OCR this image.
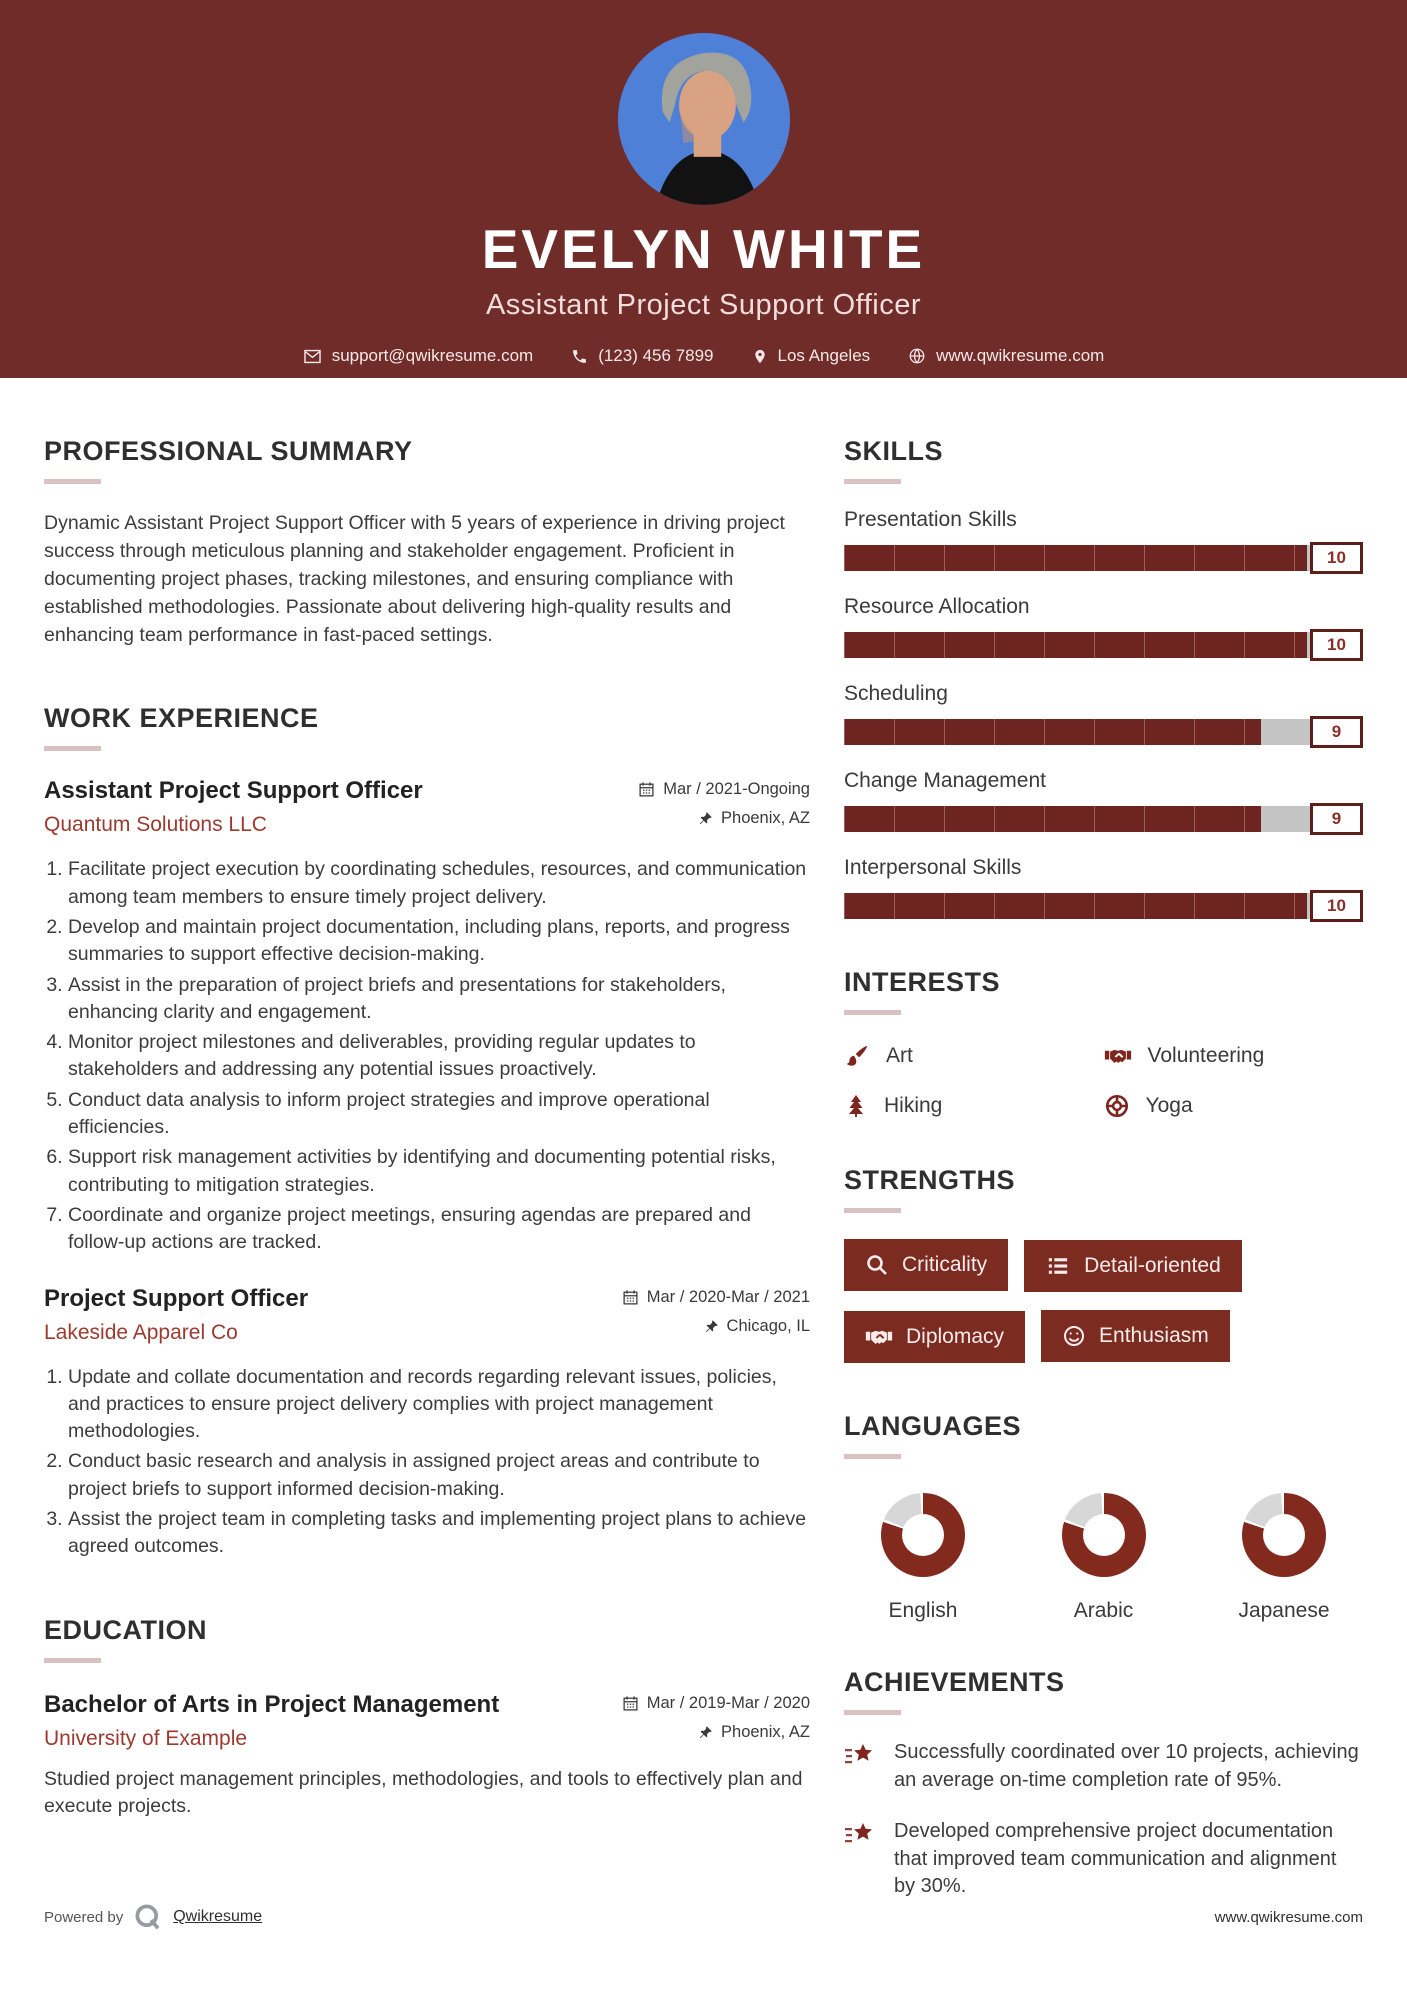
EVELYN WHITE
Assistant Project Support Officer
support@qwikresume.com	(123) 456 7899	Los Angeles	www.qwikresume.com
PROFESSIONAL SUMMARY
Dynamic Assistant Project Support Officer with 5 years of experience in driving project success through meticulous planning and stakeholder engagement. Proficient in documenting project phases, tracking milestones, and ensuring compliance with established methodologies. Passionate about delivering high-quality results and enhancing team performance in fast-paced settings.
WORK EXPERIENCE
Assistant Project Support Officer
Quantum Solutions LLC
Mar / 2021-Ongoing
Phoenix, AZ
1. Facilitate project execution by coordinating schedules, resources, and communication among team members to ensure timely project delivery.
2. Develop and maintain project documentation, including plans, reports, and progress summaries to support effective decision-making.
3. Assist in the preparation of project briefs and presentations for stakeholders, enhancing clarity and engagement.
4. Monitor project milestones and deliverables, providing regular updates to stakeholders and addressing any potential issues proactively.
5. Conduct data analysis to inform project strategies and improve operational efficiencies.
6. Support risk management activities by identifying and documenting potential risks, contributing to mitigation strategies.
7. Coordinate and organize project meetings, ensuring agendas are prepared and follow-up actions are tracked.
Project Support Officer
Lakeside Apparel Co
Mar / 2020-Mar / 2021
Chicago, IL
1. Update and collate documentation and records regarding relevant issues, policies, and practices to ensure project delivery complies with project management methodologies.
2. Conduct basic research and analysis in assigned project areas and contribute to project briefs to support informed decision-making.
3. Assist the project team in completing tasks and implementing project plans to achieve agreed outcomes.
EDUCATION
Bachelor of Arts in Project Management
University of Example
Mar / 2019-Mar / 2020
Phoenix, AZ
Studied project management principles, methodologies, and tools to effectively plan and execute projects.
SKILLS
Presentation Skills
10
Resource Allocation
10
Scheduling
9
Change Management
9
Interpersonal Skills
10
INTERESTS
Art	Volunteering
Hiking	Yoga
STRENGTHS
Criticality	Detail-oriented
Diplomacy	Enthusiasm
LANGUAGES
English	Arabic	Japanese
ACHIEVEMENTS
Successfully coordinated over 10 projects, achieving an average on-time completion rate of 95%.
Developed comprehensive project documentation that improved team communication and alignment by 30%.
Powered by	Qwikresume	www.qwikresume.com
